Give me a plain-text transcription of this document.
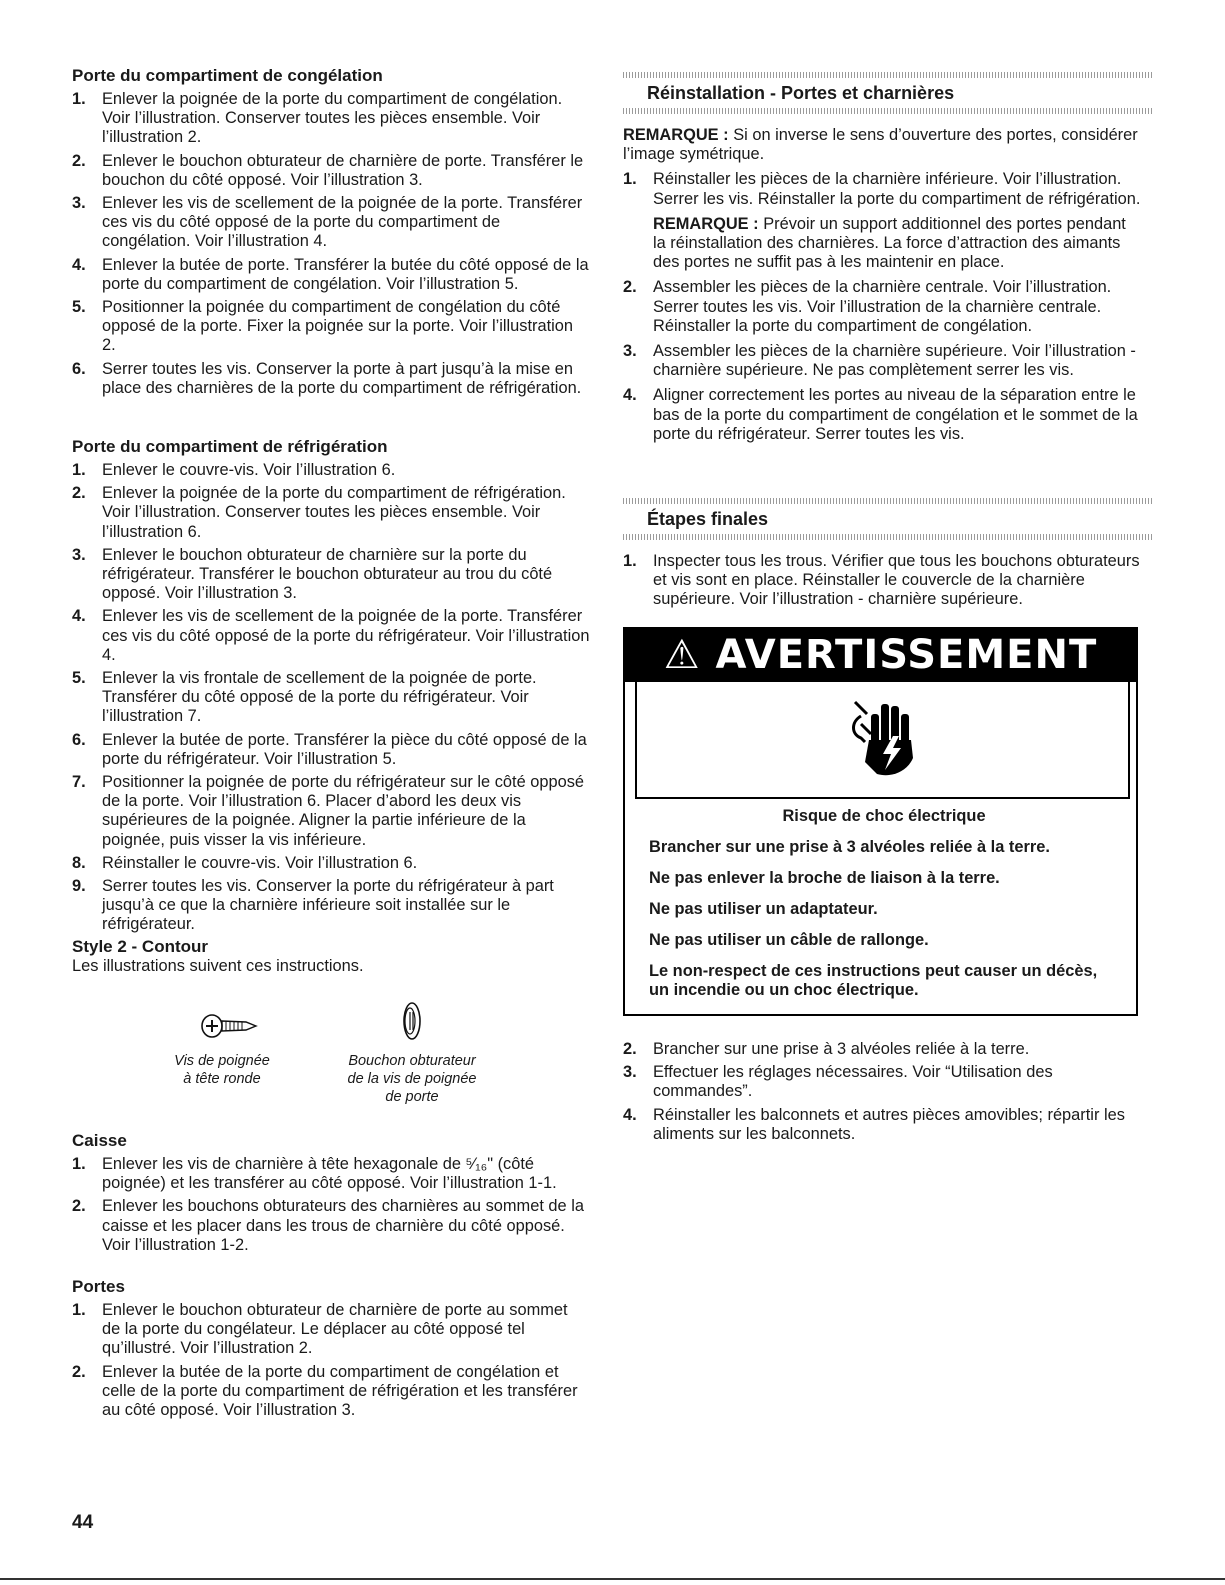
Porte du compartiment de congélation

1. Enlever la poignée de la porte du compartiment de congélation. Voir l’illustration. Conserver toutes les pièces ensemble. Voir l’illustration 2.
2. Enlever le bouchon obturateur de charnière de porte. Transférer le bouchon du côté opposé. Voir l’illustration 3.
3. Enlever les vis de scellement de la poignée de la porte. Transférer ces vis du côté opposé de la porte du compartiment de congélation. Voir l’illustration 4.
4. Enlever la butée de porte. Transférer la butée du côté opposé de la porte du compartiment de congélation. Voir l’illustration 5.
5. Positionner la poignée du compartiment de congélation du côté opposé de la porte. Fixer la poignée sur la porte. Voir l’illustration 2.
6. Serrer toutes les vis. Conserver la porte à part jusqu’à la mise en place des charnières de la porte du compartiment de réfrigération.

Porte du compartiment de réfrigération

1. Enlever le couvre-vis. Voir l’illustration 6.
2. Enlever la poignée de la porte du compartiment de réfrigération. Voir l’illustration. Conserver toutes les pièces ensemble. Voir l’illustration 6.
3. Enlever le bouchon obturateur de charnière sur la porte du réfrigérateur. Transférer le bouchon obturateur au trou du côté opposé. Voir l’illustration 3.
4. Enlever les vis de scellement de la poignée de la porte. Transférer ces vis du côté opposé de la porte du réfrigérateur. Voir l’illustration 4.
5. Enlever la vis frontale de scellement de la poignée de porte. Transférer du côté opposé de la porte du réfrigérateur. Voir l’illustration 7.
6. Enlever la butée de porte. Transférer la pièce du côté opposé de la porte du réfrigérateur. Voir l’illustration 5.
7. Positionner la poignée de porte du réfrigérateur sur le côté opposé de la porte. Voir l’illustration 6. Placer d’abord les deux vis supérieures de la poignée. Aligner la partie inférieure de la poignée, puis visser la vis inférieure.
8. Réinstaller le couvre-vis. Voir l’illustration 6.
9. Serrer toutes les vis. Conserver la porte du réfrigérateur à part jusqu’à ce que la charnière inférieure soit installée sur le réfrigérateur.

Style 2 - Contour

Les illustrations suivent ces instructions.

Vis de poignée
à tête ronde
Bouchon obturateur
de la vis de poignée
de porte

Caisse

1. Enlever les vis de charnière à tête hexagonale de ⁵⁄₁₆" (côté poignée) et les transférer au côté opposé. Voir l’illustration 1-1.
2. Enlever les bouchons obturateurs des charnières au sommet de la caisse et les placer dans les trous de charnière du côté opposé. Voir l’illustration 1-2.

Portes

1. Enlever le bouchon obturateur de charnière de porte au sommet de la porte du congélateur. Le déplacer au côté opposé tel qu’illustré. Voir l’illustration 2.
2. Enlever la butée de la porte du compartiment de congélation et celle de la porte du compartiment de réfrigération et les transférer au côté opposé. Voir l’illustration 3.
44
Réinstallation - Portes et charnières

REMARQUE : Si on inverse le sens d’ouverture des portes, considérer l’image symétrique.

1. Réinstaller les pièces de la charnière inférieure. Voir l’illustration. Serrer les vis. Réinstaller la porte du compartiment de réfrigération.
REMARQUE : Prévoir un support additionnel des portes pendant la réinstallation des charnières. La force d’attraction des aimants des portes ne suffit pas à les maintenir en place.
2. Assembler les pièces de la charnière centrale. Voir l’illustration. Serrer toutes les vis. Voir l’illustration de la charnière centrale. Réinstaller la porte du compartiment de congélation.
3. Assembler les pièces de la charnière supérieure. Voir l’illustration - charnière supérieure. Ne pas complètement serrer les vis.
4. Aligner correctement les portes au niveau de la séparation entre le bas de la porte du compartiment de congélation et le sommet de la porte du réfrigérateur. Serrer toutes les vis.
Étapes finales
1. Inspecter tous les trous. Vérifier que tous les bouchons obturateurs et vis sont en place. Réinstaller le couvercle de la charnière supérieure. Voir l’illustration - charnière supérieure.
2. Brancher sur une prise à 3 alvéoles reliée à la terre.
3. Effectuer les réglages nécessaires. Voir “Utilisation des commandes”.
4. Réinstaller les balconnets et autres pièces amovibles; répartir les aliments sur les balconnets.
⚠ AVERTISSEMENT
Risque de choc électrique

Brancher sur une prise à 3 alvéoles reliée à la terre.

Ne pas enlever la broche de liaison à la terre.

Ne pas utiliser un adaptateur.

Ne pas utiliser un câble de rallonge.

Le non-respect de ces instructions peut causer un décès, un incendie ou un choc électrique.
